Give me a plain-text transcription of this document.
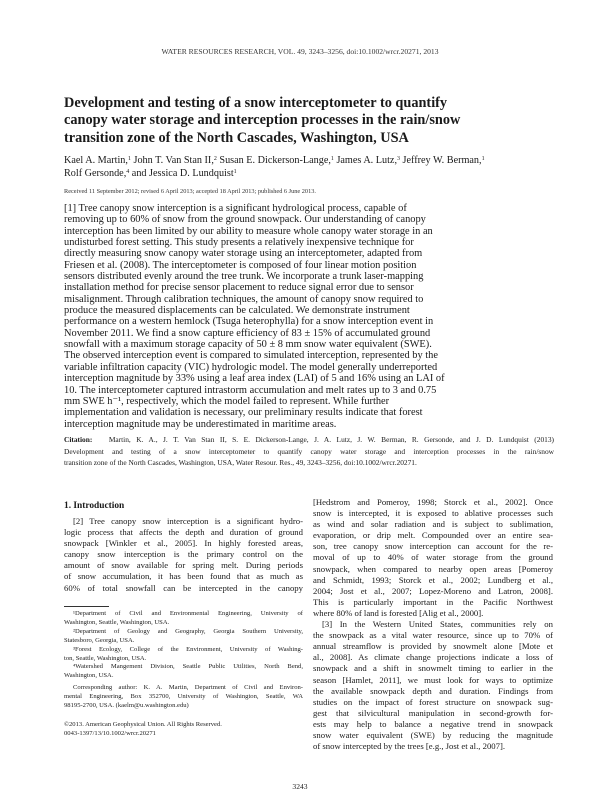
WATER RESOURCES RESEARCH, VOL. 49, 3243–3256, doi:10.1002/wrcr.20271, 2013
Development and testing of a snow interceptometer to quantify
canopy water storage and interception processes in the rain/snow
transition zone of the North Cascades, Washington, USA
Kael A. Martin,$^1$ John T. Van Stan II,$^2$ Susan E. Dickerson-Lange,$^1$ James A. Lutz,$^3$ Jeffrey W. Berman,$^1$
Rolf Gersonde,$^4$ and Jessica D. Lundquist$^1$
Received 11 September 2012; revised 6 April 2013; accepted 18 April 2013; published 6 June 2013.
[1] Tree canopy snow interception is a significant hydrological process, capable of
removing up to 60% of snow from the ground snowpack. Our understanding of canopy
interception has been limited by our ability to measure whole canopy water storage in an
undisturbed forest setting. This study presents a relatively inexpensive technique for
directly measuring snow canopy water storage using an interceptometer, adapted from
Friesen et al. (2008). The interceptometer is composed of four linear motion position
sensors distributed evenly around the tree trunk. We incorporate a trunk laser-mapping
installation method for precise sensor placement to reduce signal error due to sensor
misalignment. Through calibration techniques, the amount of canopy snow required to
produce the measured displacements can be calculated. We demonstrate instrument
performance on a western hemlock (Tsuga heterophylla) for a snow interception event in
November 2011. We find a snow capture efficiency of 83 ± 15% of accumulated ground
snowfall with a maximum storage capacity of 50 ± 8 mm snow water equivalent (SWE).
The observed interception event is compared to simulated interception, represented by the
variable infiltration capacity (VIC) hydrologic model. The model generally underreported
interception magnitude by 33% using a leaf area index (LAI) of 5 and 16% using an LAI of
10. The interceptometer captured intrastorm accumulation and melt rates up to 3 and 0.75
mm SWE h⁻¹, respectively, which the model failed to represent. While further
implementation and validation is necessary, our preliminary results indicate that forest
interception magnitude may be underestimated in maritime areas.
Citation: Martin, K. A., J. T. Van Stan II, S. E. Dickerson-Lange, J. A. Lutz, J. W. Berman, R. Gersonde, and J. D. Lundquist (2013)
Development and testing of a snow interceptometer to quantify canopy water storage and interception processes in the rain/snow
transition zone of the North Cascades, Washington, USA, Water Resour. Res., 49, 3243–3256, doi:10.1002/wrcr.20271.
1. Introduction
[2] Tree canopy snow interception is a significant hydro-
logic process that affects the depth and duration of ground
snowpack [Winkler et al., 2005]. In highly forested areas,
canopy snow interception is the primary control on the
amount of snow available for spring melt. During periods
of snow accumulation, it has been found that as much as
60% of total snowfall can be intercepted in the canopy
¹Department of Civil and Environmental Engineering, University of
Washington, Seattle, Washington, USA.
²Department of Geology and Geography, Georgia Southern University,
Statesboro, Georgia, USA.
³Forest Ecology, College of the Environment, University of Washing-
ton, Seattle, Washington, USA.
⁴Watershed Mangement Division, Seattle Public Utilities, North Bend,
Washington, USA.
Corresponding author: K. A. Martin, Department of Civil and Environ-
mental Engineering, Box 352700, University of Washington, Seattle, WA
98195-2700, USA. (kaelm@u.washington.edu)
©2013. American Geophysical Union. All Rights Reserved.
0043-1397/13/10.1002/wrcr.20271
[Hedstrom and Pomeroy, 1998; Storck et al., 2002]. Once
snow is intercepted, it is exposed to ablative processes such
as wind and solar radiation and is subject to sublimation,
evaporation, or drip melt. Compounded over an entire sea-
son, tree canopy snow interception can account for the re-
moval of up to 40% of water storage from the ground
snowpack, when compared to nearby open areas [Pomeroy
and Schmidt, 1993; Storck et al., 2002; Lundberg et al.,
2004; Jost et al., 2007; Lopez-Moreno and Latron, 2008].
This is particularly important in the Pacific Northwest
where 80% of land is forested [Alig et al., 2000].
[3] In the Western United States, communities rely on
the snowpack as a vital water resource, since up to 70% of
annual streamflow is provided by snowmelt alone [Mote et
al., 2008]. As climate change projections indicate a loss of
snowpack and a shift in snowmelt timing to earlier in the
season [Hamlet, 2011], we must look for ways to optimize
the available snowpack depth and duration. Findings from
studies on the impact of forest structure on snowpack sug-
gest that silvicultural manipulation in second-growth for-
ests may help to balance a negative trend in snowpack
snow water equivalent (SWE) by reducing the magnitude
of snow intercepted by the trees [e.g., Jost et al., 2007].
3243
